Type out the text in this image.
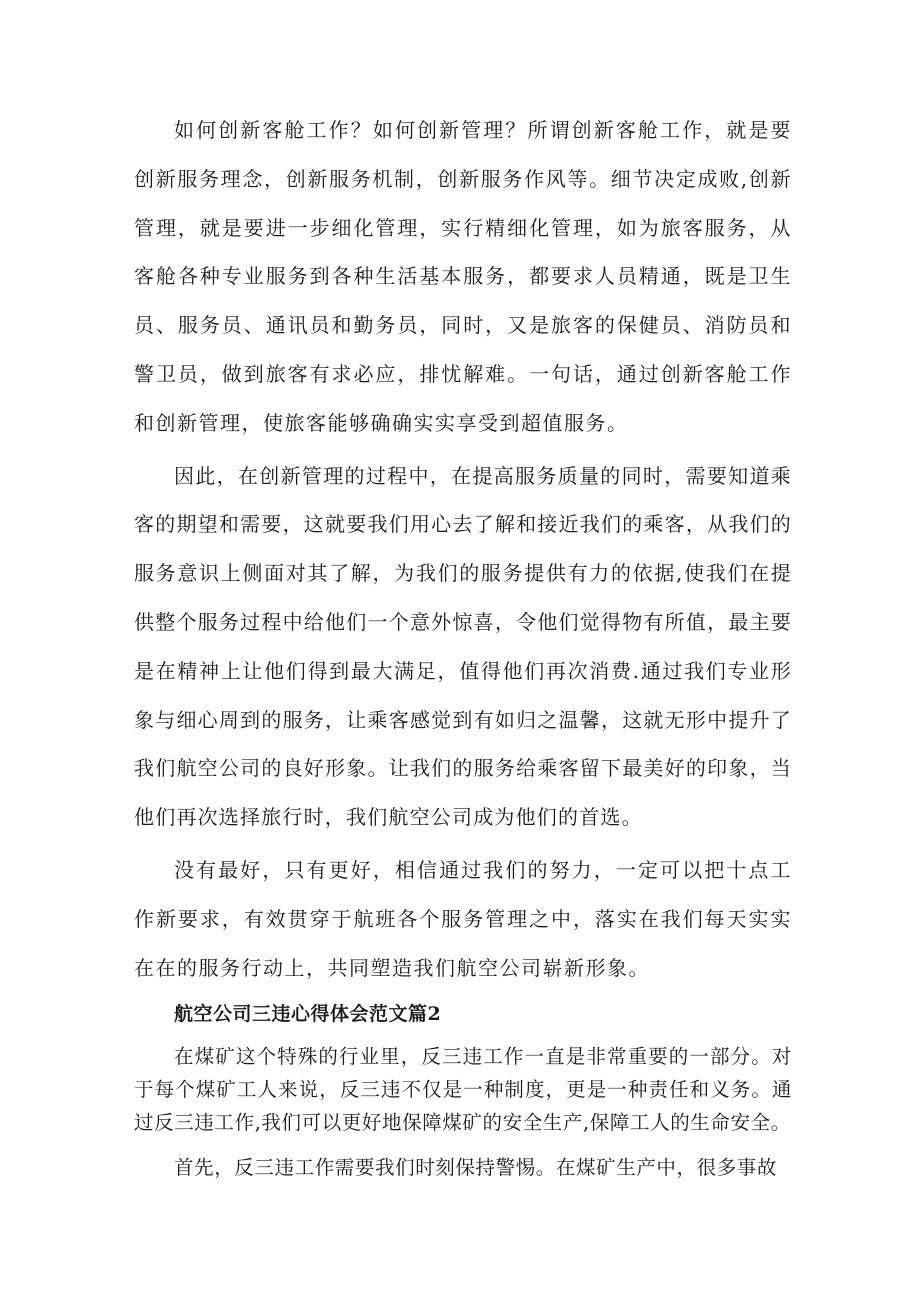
如何创新客舱工作？如何创新管理？所谓创新客舱工作，就是要创新服务理念，创新服务机制，创新服务作风等。细节决定成败,创新管理，就是要进一步细化管理，实行精细化管理，如为旅客服务，从客舱各种专业服务到各种生活基本服务，都要求人员精通，既是卫生员、服务员、通讯员和勤务员，同时，又是旅客的保健员、消防员和警卫员，做到旅客有求必应，排忧解难。一句话，通过创新客舱工作和创新管理，使旅客能够确确实实享受到超值服务。

因此，在创新管理的过程中，在提高服务质量的同时，需要知道乘客的期望和需要，这就要我们用心去了解和接近我们的乘客，从我们的服务意识上侧面对其了解，为我们的服务提供有力的依据,使我们在提供整个服务过程中给他们一个意外惊喜，令他们觉得物有所值，最主要是在精神上让他们得到最大满足，值得他们再次消费.通过我们专业形象与细心周到的服务，让乘客感觉到有如归之温馨，这就无形中提升了我们航空公司的良好形象。让我们的服务给乘客留下最美好的印象，当他们再次选择旅行时，我们航空公司成为他们的首选。

没有最好，只有更好，相信通过我们的努力，一定可以把十点工作新要求，有效贯穿于航班各个服务管理之中，落实在我们每天实实在在的服务行动上，共同塑造我们航空公司崭新形象。

航空公司三违心得体会范文篇2

在煤矿这个特殊的行业里，反三违工作一直是非常重要的一部分。对于每个煤矿工人来说，反三违不仅是一种制度，更是一种责任和义务。通过反三违工作,我们可以更好地保障煤矿的安全生产,保障工人的生命安全。

首先，反三违工作需要我们时刻保持警惕。在煤矿生产中，很多事故
